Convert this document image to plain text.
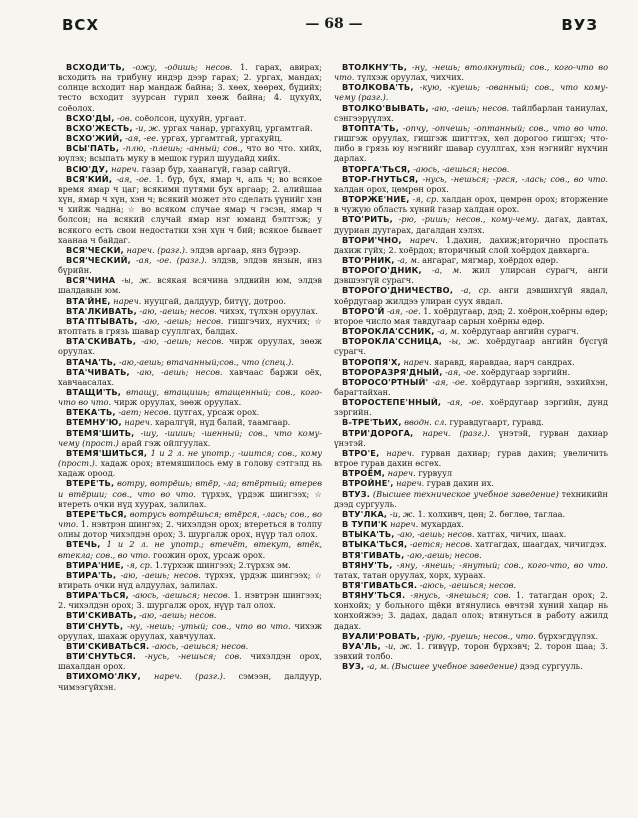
ВСХ	— 68 —	ВУЗ

ВСХОДИ'ТЬ, -ожу, -одишь; несов. 1. гарах, авирах; всходить на трибуну индэр дээр гарах; 2. ургах, мандах; солнце всходит нар мандаж байна; 3. хөөх, хөөрөх, бүдийх; тесто всходит зуурсан гурил хөөж байна; 4. цухуйх, соёолох.

ВСХО'ДЫ, -ов. соёолсон, цухуйн, ургаат.

ВСХО'ЖЕСТЬ, -и, ж. ургах чанар, ургахуйц, ургамтгай.

ВСХО'ЖИЙ, -ая, -ее. ургах, ургамтгай, ургахуйц.

ВСЫ'ПАТЬ, -плю, -плешь; -анный; сов., что во что. хийх, юүлэх; всыпать муку в мешок гурил шуудайд хийх.

ВСЮ'ДУ, нареч. газар бүр, хаанагүй, газар сайгүй.

ВСЯ'КИЙ, -ая, -ое. 1. бүр, бүх, ямар ч, аль ч; во всякое время ямар ч цаг; всякими путями бух аргаар; 2. алийшаа хүн, ямар ч хүн, хэн ч; всякий может это сделать үүнийг хэн ч хийж чадна; ☆ во всяком случае ямар ч гэсэн, ямар ч болсон; на всякий случай ямар нэг юманд бэлтгэж; у всякого есть свои недостатки хэн хүн ч бий; всякое бывает хаанаа ч байдаг.

ВСЯ'ЧЕСКИ, нареч. (разг.). элдэв аргаар, янз бүрээр.

ВСЯ'ЧЕСКИЙ, -ая, -ое. (разг.). элдэв, элдэв янзын, янз бүрийн.

ВСЯ'ЧИНА -ы, ж. всякая всячина элдвийн юм, элдэв шалдавын юм.

ВТА'ЙНЕ, нареч. нууцгай, далдуур, битүү, дотроо.

ВТА'ЛКИВАТЬ, -аю, -аешь; несов. чихэх, түлхэн оруулах.

ВТА'ПТЫВАТЬ, -аю, -аешь; несов. гишгэчих, нухчих; ☆ втоптать в грязь шавар сууллгах, балдах.

ВТА'СКИВАТЬ, -аю, -аешь; несов. чирж оруулах, зөөж оруулах.

ВТАЧА'ТЬ, -аю,-аешь; втачанный;сов., что (спец.).

ВТА'ЧИВАТЬ, -аю, -аешь; несов. хавчаас баржи оёх, хавчаасалах.

ВТАЩИ'ТЬ, втащу, втащишь; втащенный; сов., кого-что во что. чирж оруулах, зөөж оруулах.

ВТЕКА'ТЬ, -ает; несов. цутгах, урсаж орох.

ВТЕМНУ'Ю, нареч. харалгүй, нүд балай, таамгаар.

ВТЕМЯ'ШИТЬ, -шу, -шишь; -шенный; сов., что кому-чему (прост.) арай гэж ойлгуулах.

ВТЕМЯ'ШИТЬСЯ, 1 и 2 л. не употр.; -шится; сов., кому (прост.). хадаж орох; втемяшилось ему в голову сэтгэлд нь хадаж ороод.

ВТЕРЕ'ТЬ, вотру, вотрёшь; втёр, -ла; втёртый; втерев и втёрши; сов., что во что. түрхэх, үрдэж шингээх; ☆ втереть очки нүд хуурах, залилах.

ВТЕРЕ'ТЬСЯ, вотрусь вотрёшься; втёрся, -лась; сов., во что. 1. нэвтрэн шингэх; 2. чихэлдэн орох; втереться в толпу олны дотор чихэлдэн орох; 3. шургалж орох, нүүр тал олох.

ВТЕЧЬ, 1 и 2 л. не употр.; втечёт, втекут, втёк, втекла; сов., во что. гоожин орох, урсаж орох.

ВТИРА'НИЕ, -я, ср. 1.түрхэж шингээх; 2.түрхэх эм.

ВТИРА'ТЬ, -аю, -аешь; несов. түрхэх, үрдэж шингээх; ☆ втирать очки нүд алдуулах, залилах.

ВТИРА'ТЬСЯ, -аюсь, -аешься; несов. 1. нэвтрэн шингээх; 2. чихэлдэн орох; 3. шургалж орох, нүүр тал олох.

ВТИ'СКИВАТЬ, -аю, -аешь; несов.

ВТИ'СНУТЬ, -ну, -нешь; -утый; сов., что во что. чихэж оруулах, шахаж оруулах, хавчуулах.

ВТИ'СКИВАТЬСЯ. -аюсь, -аешься; несов.

ВТИ'СНУТЬСЯ. -нусь, -нешься; сов. чихэлдэн орох, шахалдан орох.

ВТИХОМО'ЛКУ, нареч. (разг.). сэмээн, далдуур, чимээгүйхэн.

ВТОЛКНУ'ТЬ, -ну, -нешь; втолкнутый; сов., кого-что во что. түлхэж оруулах, чихчих.

ВТОЛКОВА'ТЬ, -кую, -куешь; -ованный; сов., что кому-чему (разг.).

ВТОЛКО'ВЫВАТЬ, -аю, -аешь; несов. тайлбарлан таниулах, сэнгээрүүлэх.

ВТОПТА'ТЬ, -опчу, -опчешь; -оптанный; сов., что во что. гишгэж оруулах, гишгэж шигтгэх, хөл дорогоо гишгэх; что-либо в грязь юу нэгнийг шавар сууллгах, хэн нэгнийг нүхчин дарлах.

ВТОРГА'ТЬСЯ, -аюсь, -аешься; несов.

ВТОР-ГНУТЬСЯ, -нусь, -нешься; -ргся, -лась; сов., во что. халдан орох, цөмрөн орох.

ВТОРЖЕ'НИЕ, -я, ср. халдан орох, цөмрөн орох; вторжение в чужую область хүний газар халдан орох.

ВТО'РИТЬ, -рю, -ришь; несов., кому-чему. дагах, давтах, дууриан дуугарах, дагалдан хэлэх.

ВТОРИ'ЧНО, нареч. 1.дахин, дахиж;вторично проспать дахиж гүйх; 2. хоёрдох; вторичный слой хоёрдох давхарга.

ВТО'РНИК, -а, м. ангараг, мягмар, хоёрдох өдөр.

ВТОРОГО'ДНИК, -а, м. жил улирсан сурагч, анги дэвшээгүй сурагч.

ВТОРОГО'ДНИЧЕСТВО, -а, ср. анги дэвшихгүй явдал, хоёрдугаар жилдээ улиран суух явдал.

ВТОРО'Й -ая, -ое. 1. хоёрдугаар, дэд; 2. хоёрон,хоёрны өдөр; второе число мая тавдугаар сарын хоёрны өдөр.

ВТОРОКЛА'ССНИК, -а, м. хоёрдугаар ангийн сурагч.

ВТОРОКЛА'ССНИЦА, -ы, ж. хоёрдугаар ангийн бүсгүй сурагч.

ВТОРОПЯ'Х, нареч. яаравд, яаравдаа, яарч сандрах.

ВТОРОРАЗРЯ'ДНЫЙ, -ая, -ое. хоёрдугаар зэргийн.

ВТОРОСО'РТНЫЙ' -ая, -ое. хоёрдугаар зэргийн, эзхийхэн, барагтайхан.

ВТОРОСТЕПЕ'ННЫЙ, -ая, -ое. хоёрдугаар зэргийн, дунд зэргийн.

В-ТРЕ'ТЬИХ, вводн. сл. гуравдугаарт, гуравд.

ВТРИ'ДОРОГА, нареч. (разг.). үнэтэй, гурван дахиар үнэтэй.

ВТРО'Е, нареч. гурван дахиар; гурав дахин; увеличить втрое гурав дахин өсгөх.

ВТРОЁМ, нареч. гурвуул

ВТРОЙНЕ', нареч. гурав дахин их.

ВТУЗ. (Высшее техническое учебное заведение) техникийн дээд сургууль.

ВТУ'ЛКА, -и, ж. 1. холхивч, цөн; 2. бөглөө, таглаа.

В ТУПИ'К нареч. мухардах.

ВТЫКА'ТЬ, -аю, -аешь; несов. хатгах, чичих, шааx.

ВТЫКА'ТЬСЯ, -ается; несов. хатгагдах, шаагдах, чичигдэх.

ВТЯ'ГИВАТЬ, -аю,-аешь; несов.

ВТЯНУ'ТЬ, -яну, -янешь; -янутый; сов., кого-что, во что. татах, татан оруулах, хорх, хурааx.

ВТЯ'ГИВАТЬСЯ. -аюсь, -аешься; несов.

ВТЯНУ'ТЬСЯ. -янусь, -янешься; сов. 1. татагдан орох; 2. хонхойх; у больного щёки втянулись өвчтэй хүний хацар нь хонхойжээ; 3. дадах, дадал олох; втянуться в работу ажилд дадах.

ВУАЛИ'РОВАТЬ, -рую, -руешь; несов., что. бүрхэгдүүлэх.

ВУА'ЛЬ, -и, ж. 1. гивүүр, торон бүрхэвч; 2. торон шаа; 3. зэвхий толбо.

ВУЗ, -а, м. (Высшее учебное заведение) дээд сургууль.
